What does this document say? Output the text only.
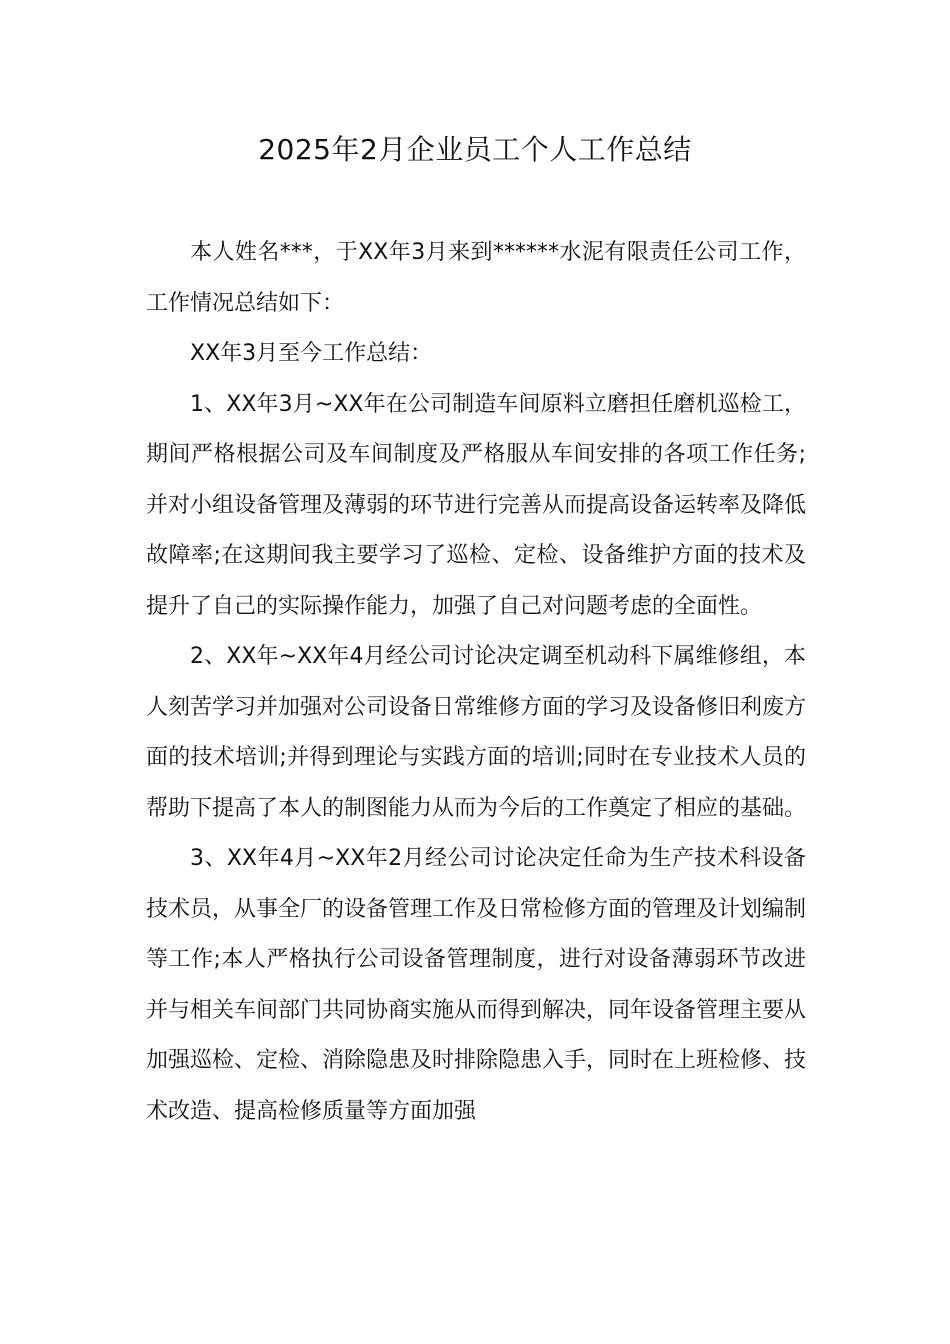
2025年2月企业员工个人工作总结

本人姓名***，于XX年3月来到******水泥有限责任公司工作，工作情况总结如下：

XX年3月至今工作总结：

1、XX年3月~XX年在公司制造车间原料立磨担任磨机巡检工，期间严格根据公司及车间制度及严格服从车间安排的各项工作任务;并对小组设备管理及薄弱的环节进行完善从而提高设备运转率及降低故障率;在这期间我主要学习了巡检、定检、设备维护方面的技术及提升了自己的实际操作能力，加强了自己对问题考虑的全面性。

2、XX年~XX年4月经公司讨论决定调至机动科下属维修组，本人刻苦学习并加强对公司设备日常维修方面的学习及设备修旧利废方面的技术培训;并得到理论与实践方面的培训;同时在专业技术人员的帮助下提高了本人的制图能力从而为今后的工作奠定了相应的基础。

3、XX年4月~XX年2月经公司讨论决定任命为生产技术科设备技术员，从事全厂的设备管理工作及日常检修方面的管理及计划编制等工作;本人严格执行公司设备管理制度，进行对设备薄弱环节改进并与相关车间部门共同协商实施从而得到解决，同年设备管理主要从加强巡检、定检、消除隐患及时排除隐患入手，同时在上班检修、技术改造、提高检修质量等方面加强
